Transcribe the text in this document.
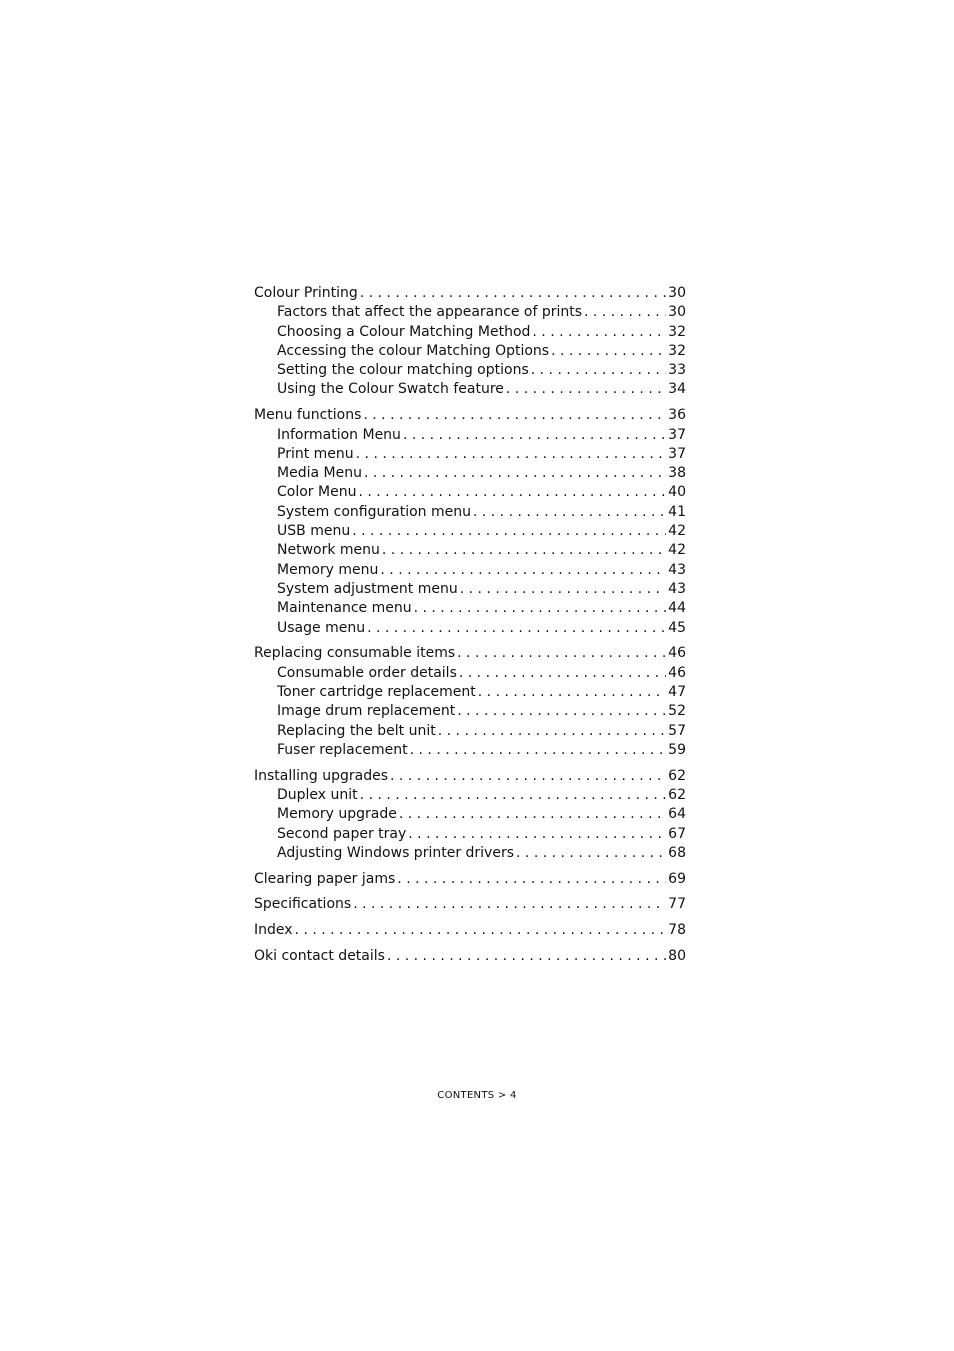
Colour Printing . . .	30
Factors that affect the appearance of prints . . .	30
Choosing a Colour Matching Method . . .	32
Accessing the colour Matching Options . . .	32
Setting the colour matching options . . .	33
Using the Colour Swatch feature . . .	34
Menu functions . . .	36
Information Menu . . .	37
Print menu . . .	37
Media Menu . . .	38
Color Menu . . .	40
System configuration menu . . .	41
USB menu . . .	42
Network menu . . .	42
Memory menu . . .	43
System adjustment menu . . .	43
Maintenance menu . . .	44
Usage menu . . .	45
Replacing consumable items . . .	46
Consumable order details . . .	46
Toner cartridge replacement . . .	47
Image drum replacement . . .	52
Replacing the belt unit . . .	57
Fuser replacement . . .	59
Installing upgrades . . .	62
Duplex unit . . .	62
Memory upgrade . . .	64
Second paper tray . . .	67
Adjusting Windows printer drivers . . .	68
Clearing paper jams . . .	69
Specifications . . .	77
Index . . .	78
Oki contact details . . .	80
CONTENTS > 4
